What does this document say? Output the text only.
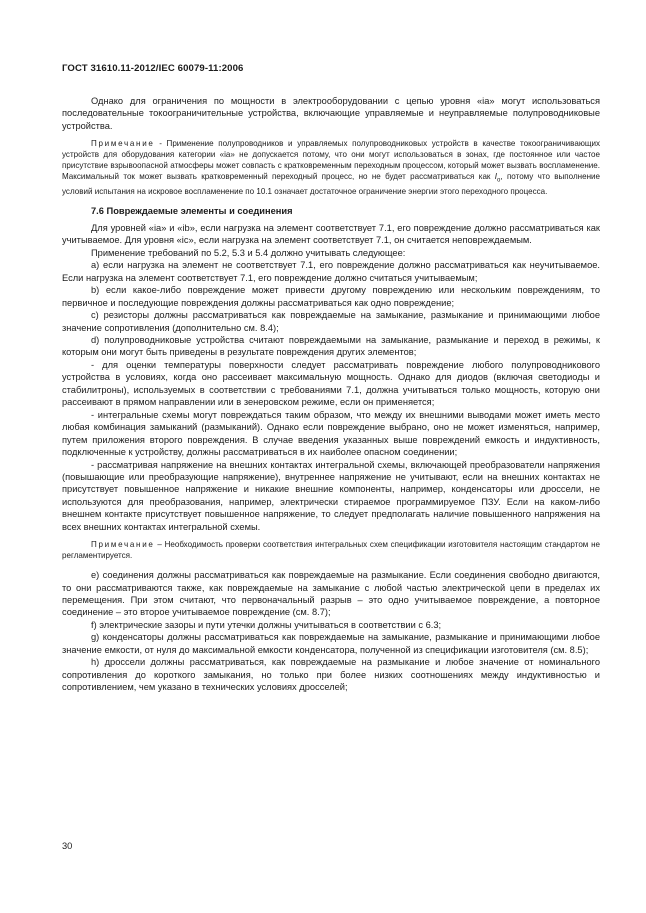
ГОСТ 31610.11-2012/IEC 60079-11:2006

Однако для ограничения по мощности в электрооборудовании с цепью уровня «ia» могут использоваться последовательные токоограничительные устройства, включающие управляемые и неуправляемые полупроводниковые устройства.

Примечание - Применение полупроводников и управляемых полупроводниковых устройств в качестве токоограничивающих устройств для оборудования категории «ia» не допускается потому, что они могут использоваться в зонах, где постоянное или частое присутствие взрывоопасной атмосферы может совпасть с кратковременным переходным процессом, который может вызвать воспламенение. Максимальный ток может вызвать кратковременный переходный процесс, но не будет рассматриваться как $I_o$, потому что выполнение условий испытания на искровое воспламенение по 10.1 означает достаточное ограничение энергии этого переходного процесса.

7.6 Повреждаемые элементы и соединения

Для уровней «ia» и «ib», если нагрузка на элемент соответствует 7.1, его повреждение должно рассматриваться как учитываемое. Для уровня «ic», если нагрузка на элемент соответствует 7.1, он считается неповреждаемым.

Применение требований по 5.2, 5.3 и 5.4 должно учитывать следующее:

a) если нагрузка на элемент не соответствует 7.1, его повреждение должно рассматриваться как неучитываемое. Если нагрузка на элемент соответствует 7.1, его повреждение должно считаться учитываемым;

b) если какое-либо повреждение может привести другому повреждению или нескольким повреждениям, то первичное и последующие повреждения должны рассматриваться как одно повреждение;

c) резисторы должны рассматриваться как повреждаемые на замыкание, размыкание и принимающими любое значение сопротивления (дополнительно см. 8.4);

d) полупроводниковые устройства считают повреждаемыми на замыкание, размыкание и переход в режимы, к которым они могут быть приведены в результате повреждения других элементов;

- для оценки температуры поверхности следует рассматривать повреждение любого полупроводникового устройства в условиях, когда оно рассеивает максимальную мощность. Однако для диодов (включая светодиоды и стабилитроны), используемых в соответствии с требованиями 7.1, должна учитываться только мощность, которую они рассеивают в прямом направлении или в зенеровском режиме, если он применяется;

- интегральные схемы могут повреждаться таким образом, что между их внешними выводами может иметь место любая комбинация замыканий (размыканий). Однако если повреждение выбрано, оно не может изменяться, например, путем приложения второго повреждения. В случае введения указанных выше повреждений емкость и индуктивность, подключенные к устройству, должны рассматриваться в их наиболее опасном соединении;

- рассматривая напряжение на внешних контактах интегральной схемы, включающей преобразователи напряжения (повышающие или преобразующие напряжение), внутреннее напряжение не учитывают, если на внешних контактах не присутствует повышенное напряжение и никакие внешние компоненты, например, конденсаторы или дроссели, не используются для преобразования, например, электрически стираемое программируемое ПЗУ. Если на каком-либо внешнем контакте присутствует повышенное напряжение, то следует предполагать наличие повышенного напряжения на всех внешних контактах интегральной схемы.

Примечание – Необходимость проверки соответствия интегральных схем спецификации изготовителя настоящим стандартом не регламентируется.

e) соединения должны рассматриваться как повреждаемые на размыкание. Если соединения свободно двигаются, то они рассматриваются также, как повреждаемые на замыкание с любой частью электрической цепи в пределах их перемещения. При этом считают, что первоначальный разрыв – это одно учитываемое повреждение, а повторное соединение – это второе учитываемое повреждение (см. 8.7);

f) электрические зазоры и пути утечки должны учитываться в соответствии с 6.3;

g) конденсаторы должны рассматриваться как повреждаемые на замыкание, размыкание и принимающими любое значение емкости, от нуля до максимальной емкости конденсатора, полученной из спецификации изготовителя (см. 8.5);

h) дроссели должны рассматриваться, как повреждаемые на размыкание и любое значение от номинального сопротивления до короткого замыкания, но только при более низких соотношениях между индуктивностью и сопротивлением, чем указано в технических условиях дросселей;

30
